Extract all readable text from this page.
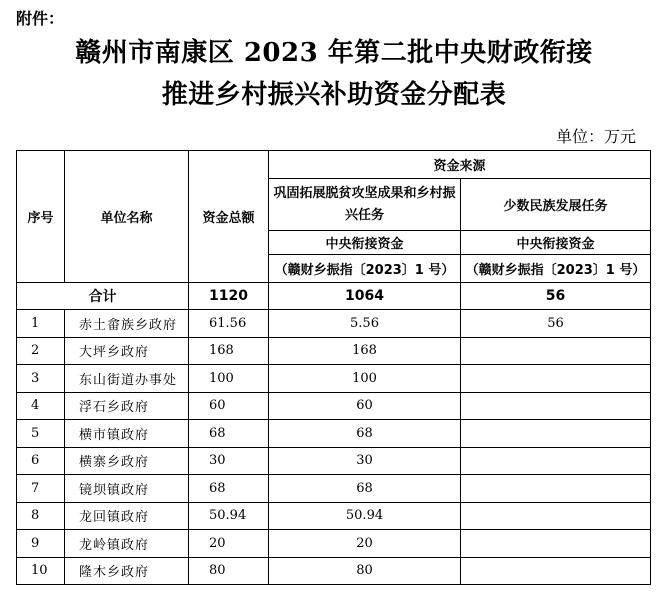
附件：
赣州市南康区 2023 年第二批中央财政衔接
推进乡村振兴补助资金分配表
单位：万元
序号	单位名称	资金总额	资金来源	
			巩固拓展脱贫攻坚成果和乡村振兴任务	少数民族发展任务
			中央衔接资金	中央衔接资金
			（赣财乡振指〔2023〕1 号）	（赣财乡振指〔2023〕1 号）
合计		1120	1064	56
1	赤土畲族乡政府	61.56	5.56	56
2	大坪乡政府	168	168	
3	东山街道办事处	100	100	
4	浮石乡政府	60	60	
5	横市镇政府	68	68	
6	横寨乡政府	30	30	
7	镜坝镇政府	68	68	
8	龙回镇政府	50.94	50.94	
9	龙岭镇政府	20	20	
10	隆木乡政府	80	80	
